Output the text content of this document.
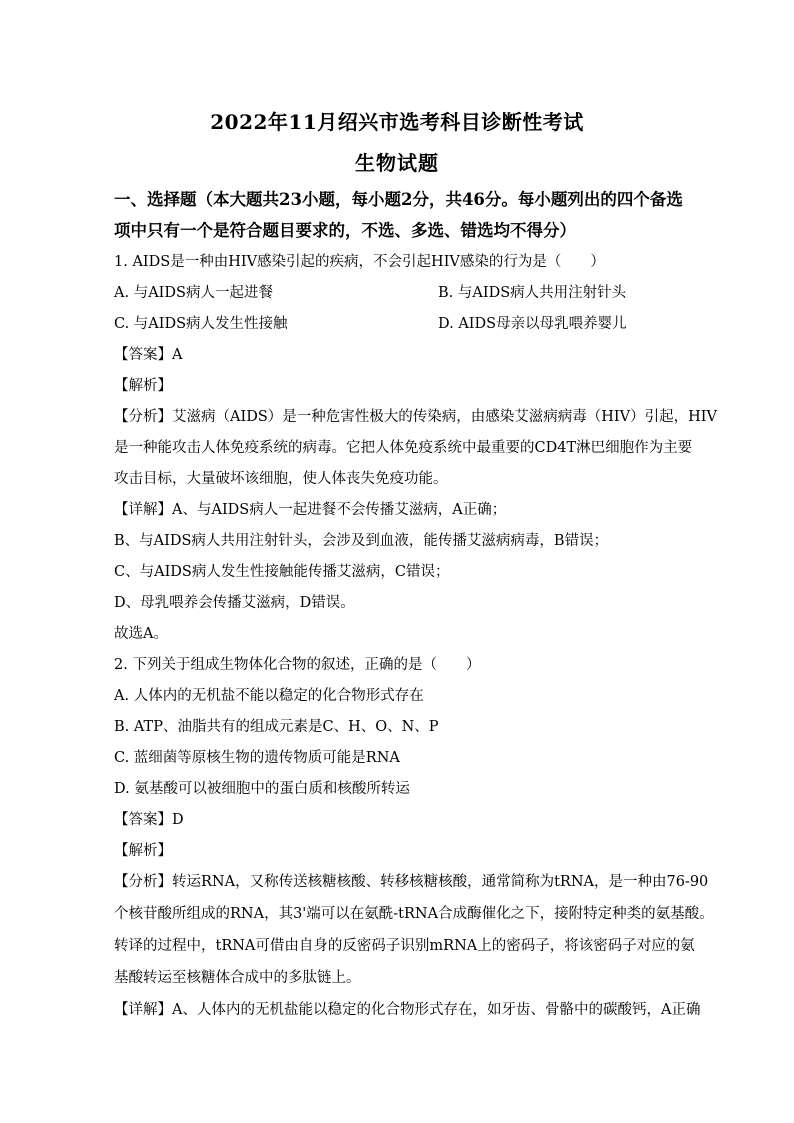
2022年11月绍兴市选考科目诊断性考试
生物试题
一、选择题（本大题共23小题，每小题2分，共46分。每小题列出的四个备选
项中只有一个是符合题目要求的，不选、多选、错选均不得分）
1. AIDS是一种由HIV感染引起的疾病，不会引起HIV感染的行为是（　　）
A. 与AIDS病人一起进餐	B. 与AIDS病人共用注射针头
C. 与AIDS病人发生性接触	D. AIDS母亲以母乳喂养婴儿
【答案】A
【解析】
【分析】艾滋病（AIDS）是一种危害性极大的传染病，由感染艾滋病病毒（HIV）引起，HIV
是一种能攻击人体免疫系统的病毒。它把人体免疫系统中最重要的CD4T淋巴细胞作为主要
攻击目标，大量破坏该细胞，使人体丧失免疫功能。
【详解】A、与AIDS病人一起进餐不会传播艾滋病，A正确；
B、与AIDS病人共用注射针头，会涉及到血液，能传播艾滋病病毒，B错误；
C、与AIDS病人发生性接触能传播艾滋病，C错误；
D、母乳喂养会传播艾滋病，D错误。
故选A。
2. 下列关于组成生物体化合物的叙述，正确的是（　　）
A. 人体内的无机盐不能以稳定的化合物形式存在
B. ATP、油脂共有的组成元素是C、H、O、N、P
C. 蓝细菌等原核生物的遗传物质可能是RNA
D. 氨基酸可以被细胞中的蛋白质和核酸所转运
【答案】D
【解析】
【分析】转运RNA，又称传送核糖核酸、转移核糖核酸，通常简称为tRNA，是一种由76-90
个核苷酸所组成的RNA，其3'端可以在氨酰-tRNA合成酶催化之下，接附特定种类的氨基酸。
转译的过程中，tRNA可借由自身的反密码子识别mRNA上的密码子，将该密码子对应的氨
基酸转运至核糖体合成中的多肽链上。
【详解】A、人体内的无机盐能以稳定的化合物形式存在，如牙齿、骨骼中的碳酸钙，A正确
